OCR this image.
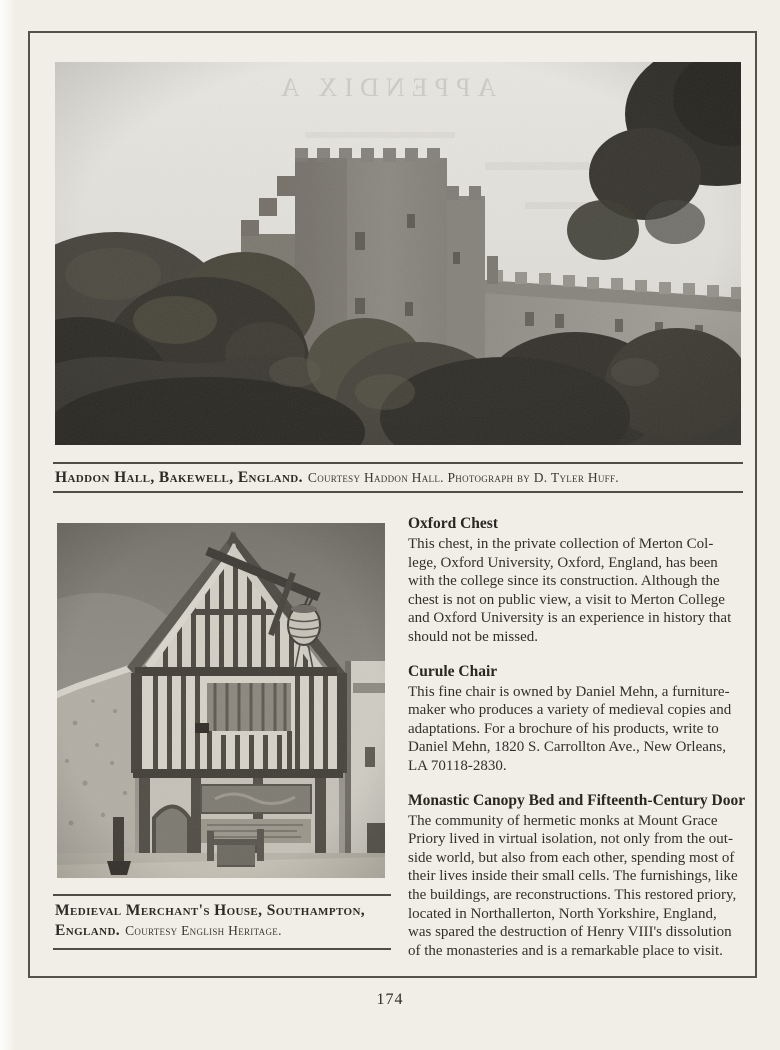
Haddon Hall, Bakewell, England. Courtesy Haddon Hall. Photograph by D. Tyler Huff.
Medieval Merchant's House, Southampton,
England. Courtesy English Heritage.
Oxford Chest

This chest, in the private collection of Merton Col-
lege, Oxford University, Oxford, England, has been
with the college since its construction. Although the
chest is not on public view, a visit to Merton College
and Oxford University is an experience in history that
should not be missed.

Curule Chair

This fine chair is owned by Daniel Mehn, a furniture-
maker who produces a variety of medieval copies and
adaptations. For a brochure of his products, write to
Daniel Mehn, 1820 S. Carrollton Ave., New Orleans,
LA 70118-2830.

Monastic Canopy Bed and Fifteenth-Century Door

The community of hermetic monks at Mount Grace
Priory lived in virtual isolation, not only from the out-
side world, but also from each other, spending most of
their lives inside their small cells. The furnishings, like
the buildings, are reconstructions. This restored priory,
located in Northallerton, North Yorkshire, England,
was spared the destruction of Henry VIII's dissolution
of the monasteries and is a remarkable place to visit.

174
